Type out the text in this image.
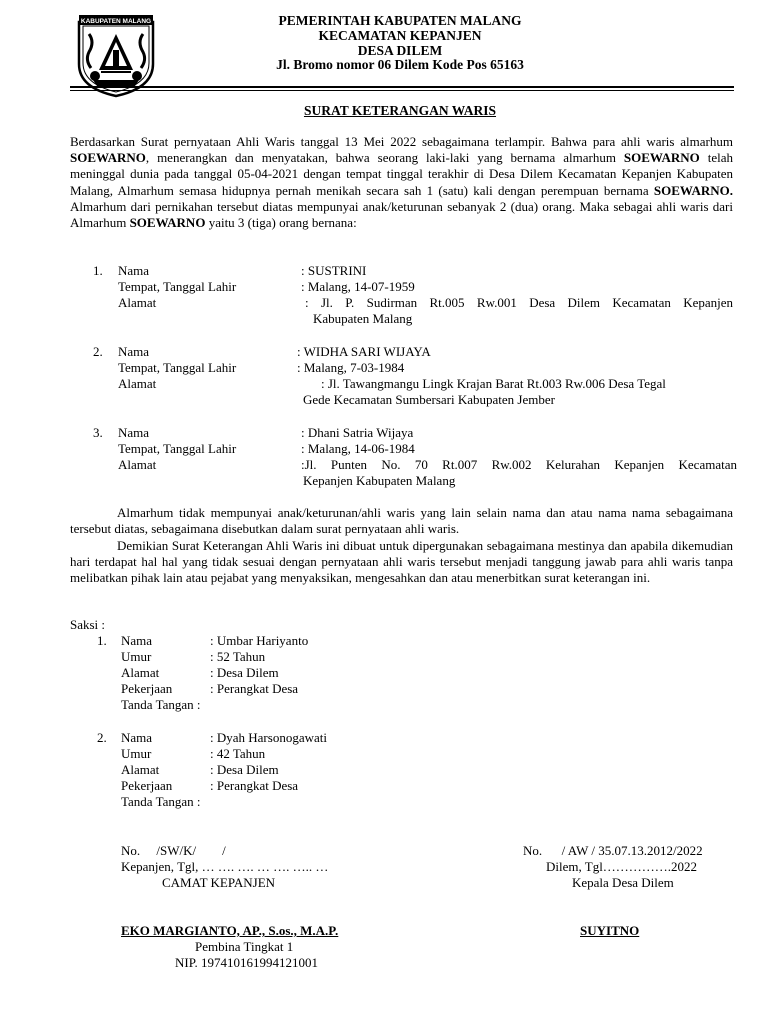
KABUPATEN MALANG	PEMERINTAH KABUPATEN MALANG
KECAMATAN KEPANJEN
DESA DILEM
Jl. Bromo nomor 06 Dilem Kode Pos 65163
SURAT KETERANGAN WARIS
Berdasarkan Surat pernyataan Ahli Waris tanggal 13 Mei 2022 sebagaimana terlampir. Bahwa para ahli waris almarhum SOEWARNO, menerangkan dan menyatakan, bahwa seorang laki-laki yang bernama almarhum SOEWARNO telah meninggal dunia pada tanggal 05-04-2021 dengan tempat tinggal terakhir di Desa Dilem Kecamatan Kepanjen Kabupaten Malang, Almarhum semasa hidupnya pernah menikah secara sah 1 (satu) kali dengan perempuan bernama SOEWARNO. Almarhum dari pernikahan tersebut diatas mempunyai anak/keturunan sebanyak 2 (dua) orang. Maka sebagai ahli waris dari Almarhum SOEWARNO yaitu 3 (tiga) orang bernana:
1. Nama	: SUSTRINI
Tempat, Tanggal Lahir	: Malang, 14-07-1959
Alamat	: Jl. P. Sudirman Rt.005 Rw.001 Desa Dilem Kecamatan Kepanjen
Kabupaten Malang
2. Nama	: WIDHA SARI WIJAYA
Tempat, Tanggal Lahir	: Malang, 7-03-1984
Alamat	: Jl. Tawangmangu Lingk Krajan Barat Rt.003 Rw.006 Desa Tegal
Gede Kecamatan Sumbersari Kabupaten Jember
3. Nama	: Dhani Satria Wijaya
Tempat, Tanggal Lahir	: Malang, 14-06-1984
Alamat	:Jl. Punten No. 70 Rt.007 Rw.002 Kelurahan Kepanjen Kecamatan
Kepanjen Kabupaten Malang
Almarhum tidak mempunyai anak/keturunan/ahli waris yang lain selain nama dan atau nama nama sebagaimana tersebut diatas, sebagaimana disebutkan dalam surat pernyataan ahli waris.
Demikian Surat Keterangan Ahli Waris ini dibuat untuk dipergunakan sebagaimana mestinya dan apabila dikemudian hari terdapat hal hal yang tidak sesuai dengan pernyataan ahli waris tersebut menjadi tanggung jawab para ahli waris tanpa melibatkan pihak lain atau pejabat yang menyaksikan, mengesahkan dan atau menerbitkan surat keterangan ini.
Saksi :
1. Nama	: Umbar Hariyanto
Umur	: 52 Tahun
Alamat	: Desa Dilem
Pekerjaan	: Perangkat Desa
Tanda Tangan :
2. Nama	: Dyah Harsonogawati
Umur	: 42 Tahun
Alamat	: Desa Dilem
Pekerjaan	: Perangkat Desa
Tanda Tangan :
No.     /SW/K/        /
Kepanjen, Tgl, … …. …. … …. ….. …
CAMAT KEPANJEN
EKO MARGIANTO, AP., S.os., M.A.P.
Pembina Tingkat 1
NIP. 197410161994121001
No.      / AW / 35.07.13.2012/2022
Dilem, Tgl…………….2022
Kepala Desa Dilem
SUYITNO
